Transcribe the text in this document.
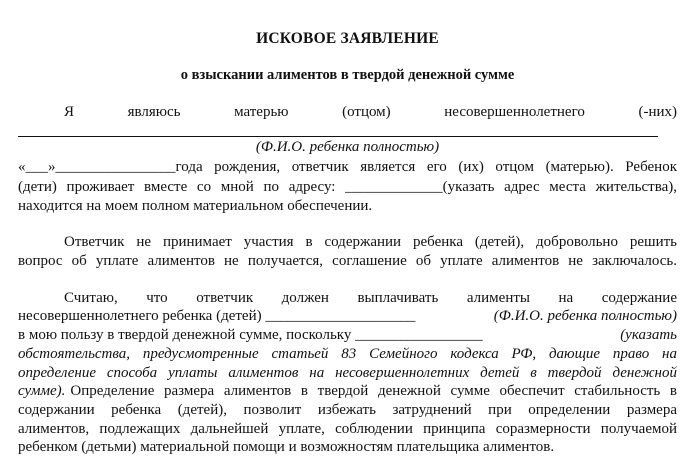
ИСКОВОЕ ЗАЯВЛЕНИЕ
о взыскании алиментов в твердой денежной сумме
Я являюсь матерью (отцом) несовершеннолетнего (-них)
(Ф.И.О. ребенка полностью)
«___»________________года рождения, ответчик является его (их) отцом (матерью). Ребенок
(дети) проживает вместе со мной по адресу: _____________(указать адрес места жительства),
находится на моем полном материальном обеспечении.
Ответчик не принимает участия в содержании ребенка (детей), добровольно решить
вопрос об уплате алиментов не получается, соглашение об уплате алиментов не заключалось.
Считаю, что ответчик должен выплачивать алименты на содержание
несовершеннолетнего ребенка (детей) ____________________	(Ф.И.О. ребенка полностью)
в мою пользу в твердой денежной сумме, поскольку _________________	(указать
обстоятельства, предусмотренные статьей 83 Семейного кодекса РФ, дающие право на
определение способа уплаты алиментов на несовершеннолетних детей в твердой денежной
сумме). Определение размера алиментов в твердой денежной сумме обеспечит стабильность в
содержании ребенка (детей), позволит избежать затруднений при определении размера
алиментов, подлежащих дальнейшей уплате, соблюдении принципа соразмерности получаемой
ребенком (детьми) материальной помощи и возможностям плательщика алиментов.
